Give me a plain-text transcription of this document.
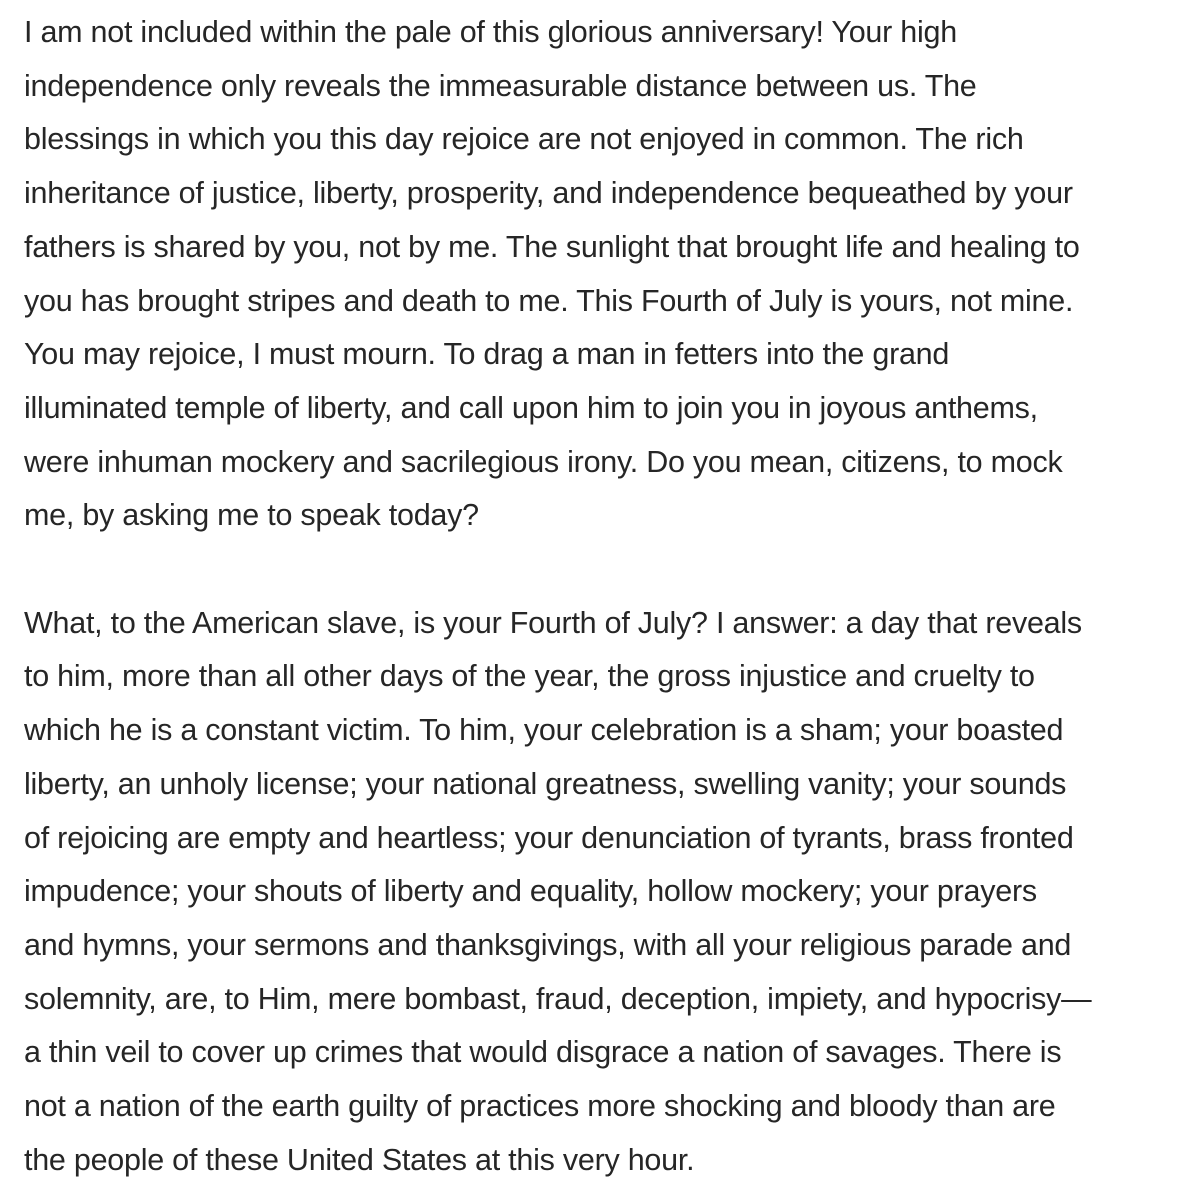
I am not included within the pale of this glorious anniversary! Your high
independence only reveals the immeasurable distance between us. The
blessings in which you this day rejoice are not enjoyed in common. The rich
inheritance of justice, liberty, prosperity, and independence bequeathed by your
fathers is shared by you, not by me. The sunlight that brought life and healing to
you has brought stripes and death to me. This Fourth of July is yours, not mine.
You may rejoice, I must mourn. To drag a man in fetters into the grand
illuminated temple of liberty, and call upon him to join you in joyous anthems,
were inhuman mockery and sacrilegious irony. Do you mean, citizens, to mock
me, by asking me to speak today?

What, to the American slave, is your Fourth of July? I answer: a day that reveals
to him, more than all other days of the year, the gross injustice and cruelty to
which he is a constant victim. To him, your celebration is a sham; your boasted
liberty, an unholy license; your national greatness, swelling vanity; your sounds
of rejoicing are empty and heartless; your denunciation of tyrants, brass fronted
impudence; your shouts of liberty and equality, hollow mockery; your prayers
and hymns, your sermons and thanksgivings, with all your religious parade and
solemnity, are, to Him, mere bombast, fraud, deception, impiety, and hypocrisy—
a thin veil to cover up crimes that would disgrace a nation of savages. There is
not a nation of the earth guilty of practices more shocking and bloody than are
the people of these United States at this very hour.
